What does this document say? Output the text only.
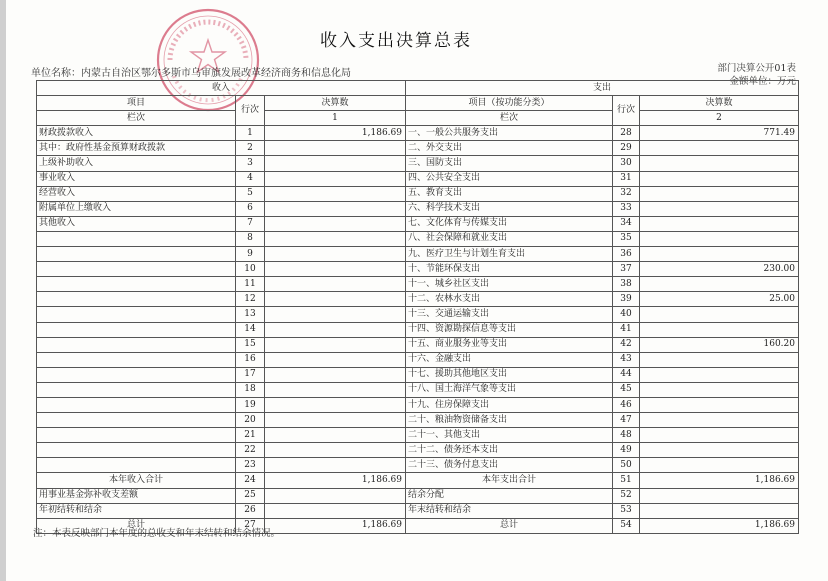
收入支出决算总表
单位名称：内蒙古自治区鄂尔多斯市乌审旗发展改革经济商务和信息化局	部门决算公开01表
金额单位：万元
收入			支出		
项目	行次	决算数	项目（按功能分类）	行次	决算数
栏次		1	栏次		2
财政拨款收入	1	1,186.69	一、一般公共服务支出	28	771.49
其中：政府性基金预算财政拨款	2		二、外交支出	29	
上级补助收入	3		三、国防支出	30	
事业收入	4		四、公共安全支出	31	
经营收入	5		五、教育支出	32	
附属单位上缴收入	6		六、科学技术支出	33	
其他收入	7		七、文化体育与传媒支出	34	
	8		八、社会保障和就业支出	35	
	9		九、医疗卫生与计划生育支出	36	
	10		十、节能环保支出	37	230.00
	11		十一、城乡社区支出	38	
	12		十二、农林水支出	39	25.00
	13		十三、交通运输支出	40	
	14		十四、资源勘探信息等支出	41	
	15		十五、商业服务业等支出	42	160.20
	16		十六、金融支出	43	
	17		十七、援助其他地区支出	44	
	18		十八、国土海洋气象等支出	45	
	19		十九、住房保障支出	46	
	20		二十、粮油物资储备支出	47	
	21		二十一、其他支出	48	
	22		二十二、债务还本支出	49	
	23		二十三、债务付息支出	50	
本年收入合计	24	1,186.69	本年支出合计	51	1,186.69
用事业基金弥补收支差额	25		结余分配	52	
年初结转和结余	26		年末结转和结余	53	
总计	27	1,186.69	总计	54	1,186.69
注：本表反映部门本年度的总收支和年末结转和结余情况。
